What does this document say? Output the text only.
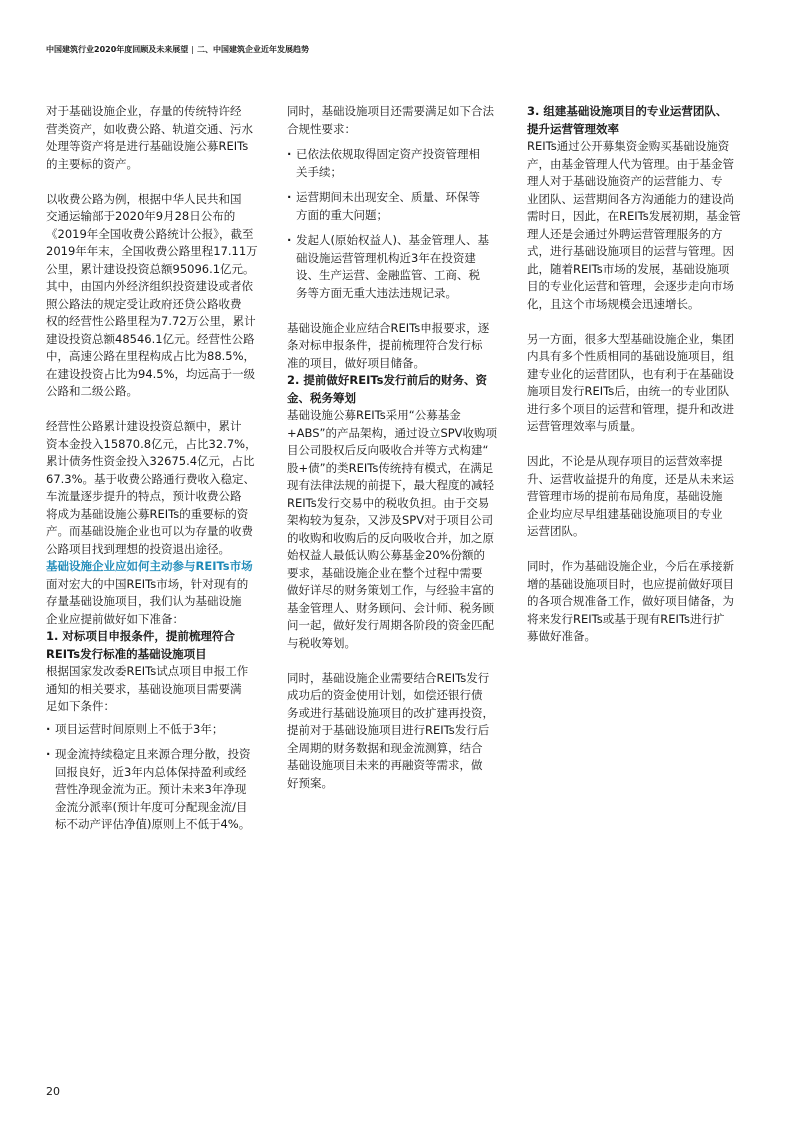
中国建筑行业2020年度回顾及未来展望 | 二、中国建筑企业近年发展趋势

对于基础设施企业，存量的传统特许经
营类资产，如收费公路、轨道交通、污水
处理等资产将是进行基础设施公募REITs
的主要标的资产。

以收费公路为例，根据中华人民共和国
交通运输部于2020年9月28日公布的
《2019年全国收费公路统计公报》，截至
2019年年末，全国收费公路里程17.11万
公里，累计建设投资总额95096.1亿元。
其中，由国内外经济组织投资建设或者依
照公路法的规定受让政府还贷公路收费
权的经营性公路里程为7.72万公里，累计
建设投资总额48546.1亿元。经营性公路
中，高速公路在里程构成占比为88.5%，
在建设投资占比为94.5%，均远高于一级
公路和二级公路。

经营性公路累计建设投资总额中，累计
资本金投入15870.8亿元，占比32.7%，
累计债务性资金投入32675.4亿元，占比
67.3%。基于收费公路通行费收入稳定、
车流量逐步提升的特点，预计收费公路
将成为基础设施公募REITs的重要标的资
产。而基础设施企业也可以为存量的收费
公路项目找到理想的投资退出途径。

基础设施企业应如何主动参与REITs市场

面对宏大的中国REITs市场，针对现有的
存量基础设施项目，我们认为基础设施
企业应提前做好如下准备：

1. 对标项目申报条件，提前梳理符合
REITs发行标准的基础设施项目

根据国家发改委REITs试点项目申报工作
通知的相关要求，基础设施项目需要满
足如下条件：

· 项目运营时间原则上不低于3年；
· 现金流持续稳定且来源合理分散，投资
回报良好，近3年内总体保持盈利或经
营性净现金流为正。预计未来3年净现
金流分派率(预计年度可分配现金流/目
标不动产评估净值)原则上不低于4%。

同时，基础设施项目还需要满足如下合法
合规性要求：

· 已依法依规取得固定资产投资管理相
关手续；
· 运营期间未出现安全、质量、环保等
方面的重大问题；
· 发起人(原始权益人)、基金管理人、基
础设施运营管理机构近3年在投资建
设、生产运营、金融监管、工商、税
务等方面无重大违法违规记录。

基础设施企业应结合REITs申报要求，逐
条对标申报条件，提前梳理符合发行标
准的项目，做好项目储备。

2. 提前做好REITs发行前后的财务、资
金、税务筹划

基础设施公募REITs采用“公募基金
+ABS”的产品架构，通过设立SPV收购项
目公司股权后反向吸收合并等方式构建“
股+债”的类REITs传统持有模式，在满足
现有法律法规的前提下，最大程度的减轻
REITs发行交易中的税收负担。由于交易
架构较为复杂，又涉及SPV对于项目公司
的收购和收购后的反向吸收合并，加之原
始权益人最低认购公募基金20%份额的
要求，基础设施企业在整个过程中需要
做好详尽的财务策划工作，与经验丰富的
基金管理人、财务顾问、会计师、税务顾
问一起，做好发行周期各阶段的资金匹配
与税收筹划。

同时，基础设施企业需要结合REITs发行
成功后的资金使用计划，如偿还银行债
务或进行基础设施项目的改扩建再投资，
提前对于基础设施项目进行REITs发行后
全周期的财务数据和现金流测算，结合
基础设施项目未来的再融资等需求，做
好预案。

3. 组建基础设施项目的专业运营团队、
提升运营管理效率

REITs通过公开募集资金购买基础设施资
产，由基金管理人代为管理。由于基金管
理人对于基础设施资产的运营能力、专
业团队、运营期间各方沟通能力的建设尚
需时日，因此，在REITs发展初期，基金管
理人还是会通过外聘运营管理服务的方
式，进行基础设施项目的运营与管理。因
此，随着REITs市场的发展，基础设施项
目的专业化运营和管理，会逐步走向市场
化，且这个市场规模会迅速增长。

另一方面，很多大型基础设施企业，集团
内具有多个性质相同的基础设施项目，组
建专业化的运营团队，也有利于在基础设
施项目发行REITs后，由统一的专业团队
进行多个项目的运营和管理，提升和改进
运营管理效率与质量。

因此，不论是从现存项目的运营效率提
升、运营收益提升的角度，还是从未来运
营管理市场的提前布局角度，基础设施
企业均应尽早组建基础设施项目的专业
运营团队。

同时，作为基础设施企业，今后在承接新
增的基础设施项目时，也应提前做好项目
的各项合规准备工作，做好项目储备，为
将来发行REITs或基于现有REITs进行扩
募做好准备。

20
